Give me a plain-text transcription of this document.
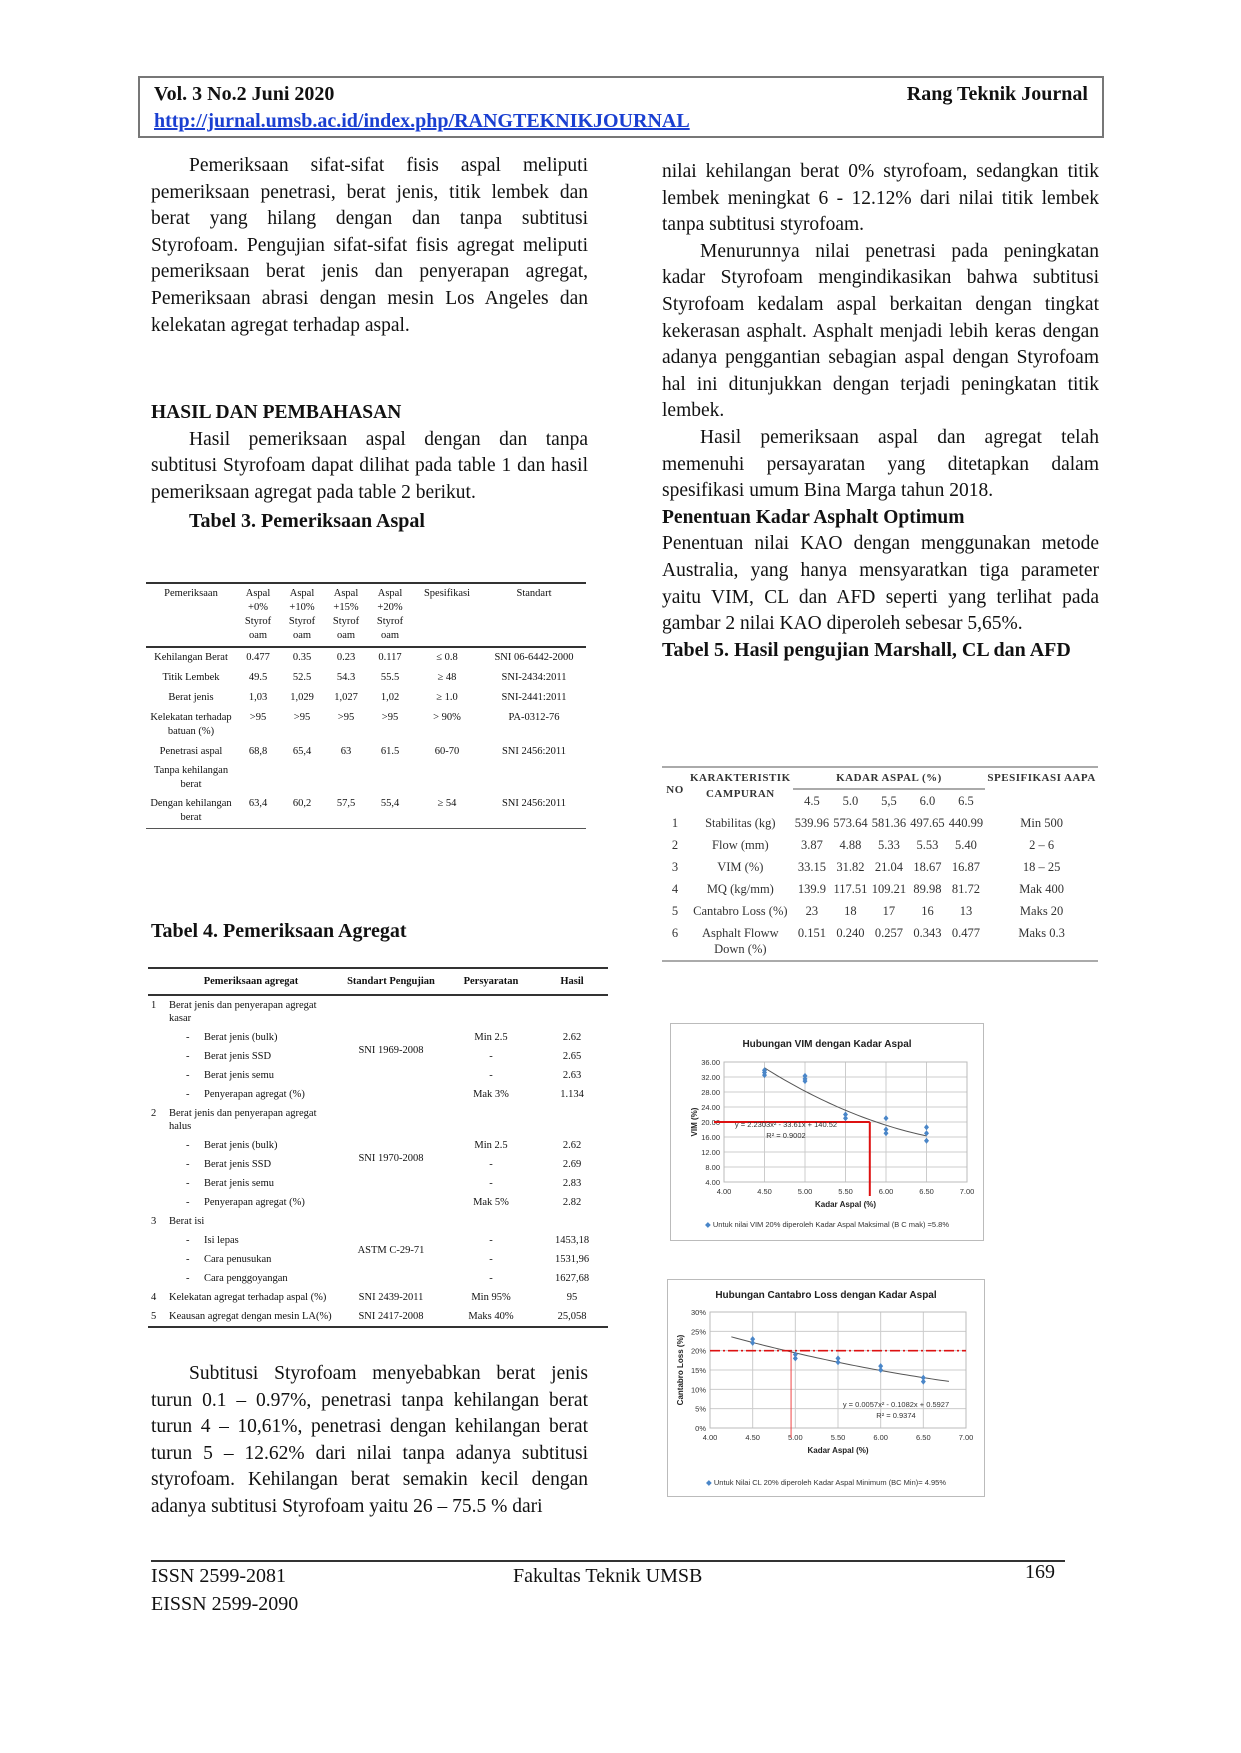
Vol. 3 No.2 Juni 2020	Rang Teknik Journal
http://jurnal.umsb.ac.id/index.php/RANGTEKNIKJOURNAL

Pemeriksaan sifat-sifat fisis aspal meliputi pemeriksaan penetrasi, berat jenis, titik lembek dan berat yang hilang dengan dan tanpa subtitusi Styrofoam. Pengujian sifat-sifat fisis agregat meliputi pemeriksaan berat jenis dan penyerapan agregat, Pemeriksaan abrasi dengan mesin Los Angeles dan kelekatan agregat terhadap aspal.

HASIL DAN PEMBAHASAN

Hasil pemeriksaan aspal dengan dan tanpa subtitusi Styrofoam dapat dilihat pada table 1 dan hasil pemeriksaan agregat pada table 2 berikut.

Tabel 3. Pemeriksaan Aspal
Pemeriksaan	Aspal +0% Styrof oam	Aspal +10% Styrof oam	Aspal +15% Styrof oam	Aspal +20% Styrof oam	Spesifikasi	Standart
Kehilangan Berat	0.477	0.35	0.23	0.117	≤ 0.8	SNI 06-6442-2000
Titik Lembek	49.5	52.5	54.3	55.5	≥ 48	SNI-2434:2011
Berat jenis	1,03	1,029	1,027	1,02	≥ 1.0	SNI-2441:2011
Kelekatan terhadap batuan (%)	>95	>95	>95	>95	> 90%	PA-0312-76
Penetrasi aspal	68,8	65,4	63	61.5	60-70	SNI 2456:2011
Tanpa kehilangan berat						
Dengan kehilangan berat	63,4	60,2	57,5	55,4	≥ 54	SNI 2456:2011
Tabel 4. Pemeriksaan Agregat
	Pemeriksaan agregat	Standart Pengujian	Persyaratan	Hasil
1	Berat jenis dan penyerapan agregat kasar	SNI 1969-2008		
	- Berat jenis (bulk)		Min 2.5	2.62
	- Berat jenis SSD		-	2.65
	- Berat jenis semu		-	2.63
	- Penyerapan agregat (%)		Mak 3%	1.134
2	Berat jenis dan penyerapan agregat halus	SNI 1970-2008		
	- Berat jenis (bulk)		Min 2.5	2.62
	- Berat jenis SSD		-	2.69
	- Berat jenis semu		-	2.83
	- Penyerapan agregat (%)		Mak 5%	2.82
3	Berat isi	ASTM C-29-71		
	- Isi lepas		-	1453,18
	- Cara penusukan		-	1531,96
	- Cara penggoyangan		-	1627,68
4	Kelekatan agregat terhadap aspal (%)	SNI 2439-2011	Min 95%	95
5	Keausan agregat dengan mesin LA(%)	SNI 2417-2008	Maks 40%	25,058

Subtitusi Styrofoam menyebabkan berat jenis turun 0.1 – 0.97%, penetrasi tanpa kehilangan berat turun 4 – 10,61%, penetrasi dengan kehilangan berat turun 5 – 12.62% dari nilai tanpa adanya subtitusi styrofoam. Kehilangan berat semakin kecil dengan adanya subtitusi Styrofoam yaitu 26 – 75.5 % dari

nilai kehilangan berat 0% styrofoam, sedangkan titik lembek meningkat 6 - 12.12% dari nilai titik lembek tanpa subtitusi styrofoam.

Menurunnya nilai penetrasi pada peningkatan kadar Styrofoam mengindikasikan bahwa subtitusi Styrofoam kedalam aspal berkaitan dengan tingkat kekerasan asphalt. Asphalt menjadi lebih keras dengan adanya penggantian sebagian aspal dengan Styrofoam hal ini ditunjukkan dengan terjadi peningkatan titik lembek.

Hasil pemeriksaan aspal dan agregat telah memenuhi persayaratan yang ditetapkan dalam spesifikasi umum Bina Marga tahun 2018.

Penentuan Kadar Asphalt Optimum

Penentuan nilai KAO dengan menggunakan metode Australia, yang hanya mensyaratkan tiga parameter yaitu VIM, CL dan AFD seperti yang terlihat pada gambar 2 nilai KAO diperoleh sebesar 5,65%.

Tabel 5. Hasil pengujian Marshall, CL dan AFD
NO	KARAKTERISTIK CAMPURAN	KADAR ASPAL (%)					SPESIFIKASI AAPA
		4.5	5.0	5,5	6.0	6.5	
1	Stabilitas (kg)	539.96	573.64	581.36	497.65	440.99	Min 500
2	Flow (mm)	3.87	4.88	5.33	5.53	5.40	2 – 6
3	VIM (%)	33.15	31.82	21.04	18.67	16.87	18 – 25
4	MQ (kg/mm)	139.9	117.51	109.21	89.98	81.72	Mak 400
5	Cantabro Loss (%)	23	18	17	16	13	Maks 20
6	Asphalt Floww Down (%)	0.151	0.240	0.257	0.343	0.477	Maks 0.3
Hubungan VIM dengan Kadar Aspal
4.00
8.00
12.00
16.00
20.00
24.00
28.00
32.00
36.00
4.00	4.50	5.00	5.50	6.00	6.50	7.00
Kadar Aspal (%)
VIM (%)	y = 2.2303x² - 33.61x + 140.52
R² = 0.9002
◆ Untuk nilai VIM 20% diperoleh Kadar Aspal Maksimal (B C mak) =5.8%
Hubungan Cantabro Loss dengan Kadar Aspal
0%
5%
10%
15%
20%
25%
30%
4.00	4.50	5.00	5.50	6.00	6.50	7.00
Kadar Aspal (%)
Cantabro Loss (%)	y = 0.0057x² - 0.1082x + 0.5927
R² = 0.9374
◆ Untuk Nilai CL 20% diperoleh Kadar Aspal Minimum (BC Min)= 4.95%
ISSN 2599-2081
EISSN 2599-2090
Fakultas Teknik UMSB	169
